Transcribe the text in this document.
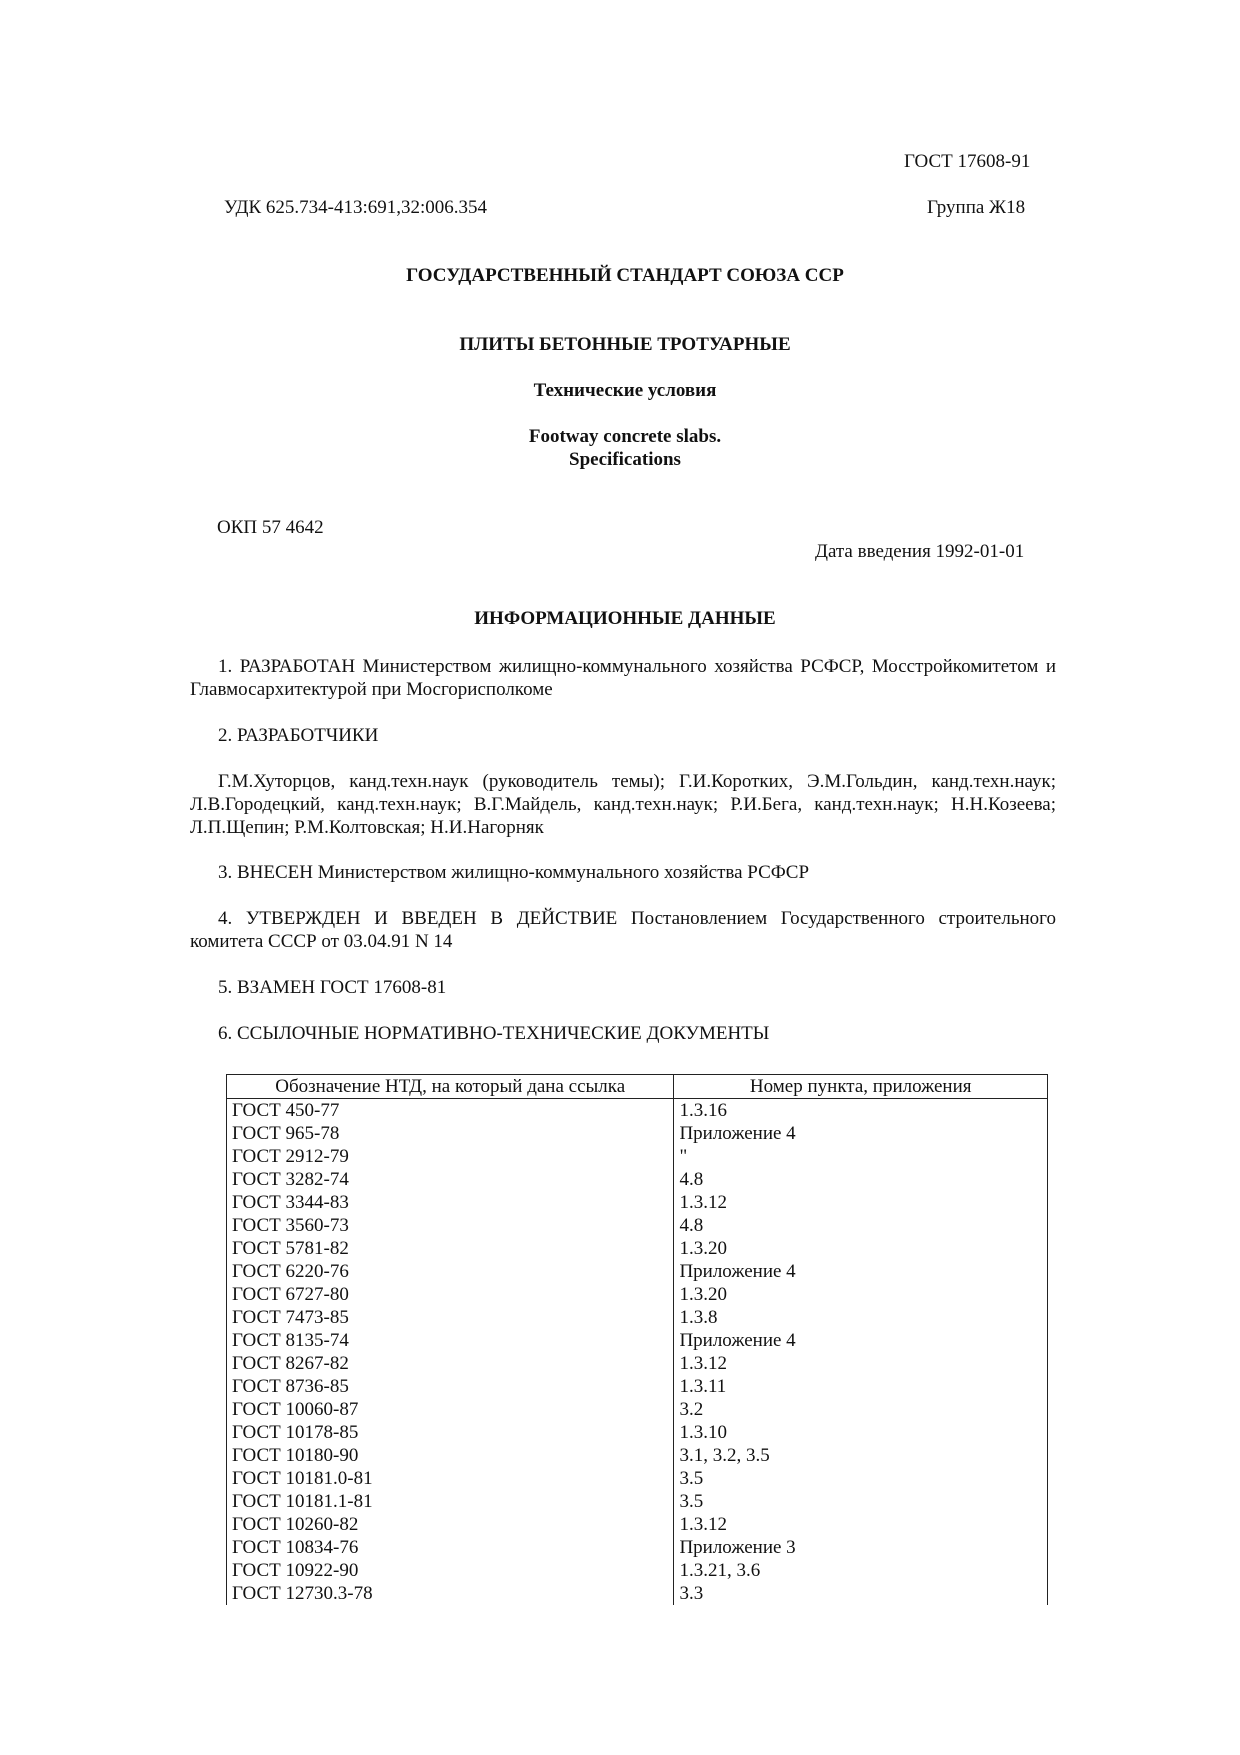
ГОСТ 17608-91
УДК 625.734-413:691,32:006.354	Группа Ж18
ГОСУДАРСТВЕННЫЙ СТАНДАРТ СОЮЗА ССР
ПЛИТЫ БЕТОННЫЕ ТРОТУАРНЫЕ
Технические условия
Footway concrete slabs.
Specifications
ОКП 57 4642
Дата введения 1992-01-01
ИНФОРМАЦИОННЫЕ ДАННЫЕ
1. РАЗРАБОТАН Министерством жилищно-коммунального хозяйства РСФСР, Мосстройкомитетом и Главмосархитектурой при Мосгорисполкоме
2. РАЗРАБОТЧИКИ
Г.М.Хуторцов, канд.техн.наук (руководитель темы); Г.И.Коротких, Э.М.Гольдин, канд.техн.наук; Л.В.Городецкий, канд.техн.наук; В.Г.Майдель, канд.техн.наук; Р.И.Бега, канд.техн.наук; Н.Н.Козеева; Л.П.Щепин; Р.М.Колтовская; Н.И.Нагорняк
3. ВНЕСЕН Министерством жилищно-коммунального хозяйства РСФСР
4. УТВЕРЖДЕН И ВВЕДЕН В ДЕЙСТВИЕ Постановлением Государственного строительного комитета СССР от 03.04.91 N 14
5. ВЗАМЕН ГОСТ 17608-81
6. ССЫЛОЧНЫЕ НОРМАТИВНО-ТЕХНИЧЕСКИЕ ДОКУМЕНТЫ
Обозначение НТД, на который дана ссылка	Номер пункта, приложения
ГОСТ 450-77	1.3.16
ГОСТ 965-78	Приложение 4
ГОСТ 2912-79	"
ГОСТ 3282-74	4.8
ГОСТ 3344-83	1.3.12
ГОСТ 3560-73	4.8
ГОСТ 5781-82	1.3.20
ГОСТ 6220-76	Приложение 4
ГОСТ 6727-80	1.3.20
ГОСТ 7473-85	1.3.8
ГОСТ 8135-74	Приложение 4
ГОСТ 8267-82	1.3.12
ГОСТ 8736-85	1.3.11
ГОСТ 10060-87	3.2
ГОСТ 10178-85	1.3.10
ГОСТ 10180-90	3.1, 3.2, 3.5
ГОСТ 10181.0-81	3.5
ГОСТ 10181.1-81	3.5
ГОСТ 10260-82	1.3.12
ГОСТ 10834-76	Приложение 3
ГОСТ 10922-90	1.3.21, 3.6
ГОСТ 12730.3-78	3.3
